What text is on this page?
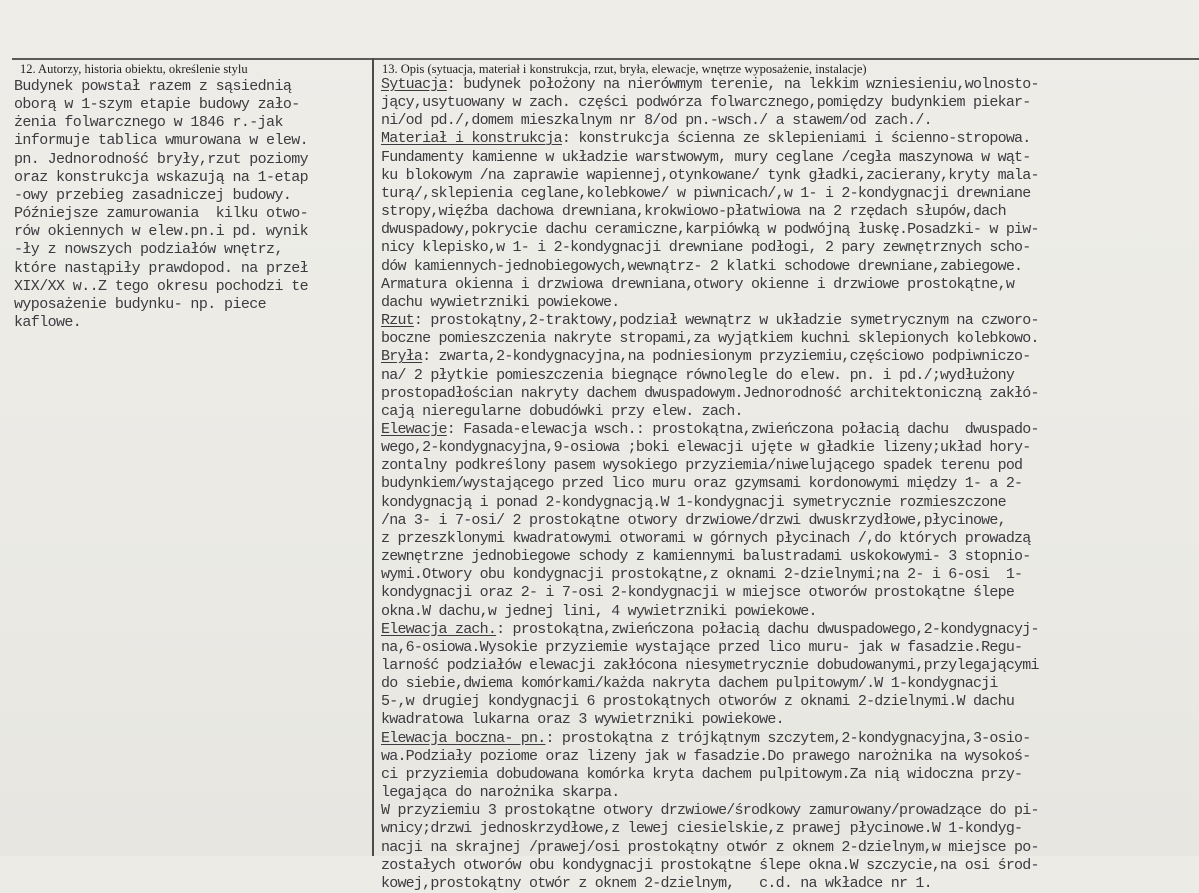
12. Autorzy, historia obiektu, określenie stylu	13. Opis (sytuacja, materiał i konstrukcja, rzut, bryła, elewacje, wnętrze wyposażenie, instalacje)
Budynek powstał razem z sąsiednią
oborą w 1-szym etapie budowy zało-
żenia folwarcznego w 1846 r.-jak
informuje tablica wmurowana w elew.
pn. Jednorodność bryły,rzut poziomy
oraz konstrukcja wskazują na 1-etap
-owy przebieg zasadniczej budowy.
Późniejsze zamurowania  kilku otwo-
rów okiennych w elew.pn.i pd. wynik
-ły z nowszych podziałów wnętrz,
które nastąpiły prawdopod. na przeł
XIX/XX w..Z tego okresu pochodzi te
wyposażenie budynku- np. piece
kaflowe.
Sytuacja: budynek położony na nierówmym terenie, na lekkim wzniesieniu,wolnosto-
jący,usytuowany w zach. części podwórza folwarcznego,pomiędzy budynkiem piekar-
ni/od pd./,domem mieszkalnym nr 8/od pn.-wsch./ a stawem/od zach./.
Materiał i konstrukcja: konstrukcja ścienna ze sklepieniami i ścienno-stropowa.
Fundamenty kamienne w układzie warstwowym, mury ceglane /cegła maszynowa w wąt-
ku blokowym /na zaprawie wapiennej,otynkowane/ tynk gładki,zacierany,kryty mala-
turą/,sklepienia ceglane,kolebkowe/ w piwnicach/,w 1- i 2-kondygnacji drewniane
stropy,więźba dachowa drewniana,krokwiowo-płatwiowa na 2 rzędach słupów,dach
dwuspadowy,pokrycie dachu ceramiczne,karpiówką w podwójną łuskę.Posadzki- w piw-
nicy klepisko,w 1- i 2-kondygnacji drewniane podłogi, 2 pary zewnętrznych scho-
dów kamiennych-jednobiegowych,wewnątrz- 2 klatki schodowe drewniane,zabiegowe.
Armatura okienna i drzwiowa drewniana,otwory okienne i drzwiowe prostokątne,w
dachu wywietrzniki powiekowe.
Rzut: prostokątny,2-traktowy,podział wewnątrz w układzie symetrycznym na czworo-
boczne pomieszczenia nakryte stropami,za wyjątkiem kuchni sklepionych kolebkowo.
Bryła: zwarta,2-kondygnacyjna,na podniesionym przyziemiu,częściowo podpiwniczo-
na/ 2 płytkie pomieszczenia biegnące równolegle do elew. pn. i pd./;wydłużony
prostopadłościan nakryty dachem dwuspadowym.Jednorodność architektoniczną zakłó-
cają nieregularne dobudówki przy elew. zach.
Elewacje: Fasada-elewacja wsch.: prostokątna,zwieńczona połacią dachu  dwuspado-
wego,2-kondygnacyjna,9-osiowa ;boki elewacji ujęte w gładkie lizeny;układ hory-
zontalny podkreślony pasem wysokiego przyziemia/niwelującego spadek terenu pod
budynkiem/wystającego przed lico muru oraz gzymsami kordonowymi między 1- a 2-
kondygnacją i ponad 2-kondygnacją.W 1-kondygnacji symetrycznie rozmieszczone
/na 3- i 7-osi/ 2 prostokątne otwory drzwiowe/drzwi dwuskrzydłowe,płycinowe,
z przeszklonymi kwadratowymi otworami w górnych płycinach /,do których prowadzą
zewnętrzne jednobiegowe schody z kamiennymi balustradami uskokowymi- 3 stopnio-
wymi.Otwory obu kondygnacji prostokątne,z oknami 2-dzielnymi;na 2- i 6-osi  1-
kondygnacji oraz 2- i 7-osi 2-kondygnacji w miejsce otworów prostokątne ślepe
okna.W dachu,w jednej lini, 4 wywietrzniki powiekowe.
Elewacja zach.: prostokątna,zwieńczona połacią dachu dwuspadowego,2-kondygnacyj-
na,6-osiowa.Wysokie przyziemie wystające przed lico muru- jak w fasadzie.Regu-
larność podziałów elewacji zakłócona niesymetrycznie dobudowanymi,przylegającymi
do siebie,dwiema komórkami/każda nakryta dachem pulpitowym/.W 1-kondygnacji
5-,w drugiej kondygnacji 6 prostokątnych otworów z oknami 2-dzielnymi.W dachu
kwadratowa lukarna oraz 3 wywietrzniki powiekowe.
Elewacja boczna- pn.: prostokątna z trójkątnym szczytem,2-kondygnacyjna,3-osio-
wa.Podziały poziome oraz lizeny jak w fasadzie.Do prawego narożnika na wysokoś-
ci przyziemia dobudowana komórka kryta dachem pulpitowym.Za nią widoczna przy-
legająca do narożnika skarpa.
W przyziemiu 3 prostokątne otwory drzwiowe/środkowy zamurowany/prowadzące do pi-
wnicy;drzwi jednoskrzydłowe,z lewej ciesielskie,z prawej płycinowe.W 1-kondyg-
nacji na skrajnej /prawej/osi prostokątny otwór z oknem 2-dzielnym,w miejsce po-
zostałych otworów obu kondygnacji prostokątne ślepe okna.W szczycie,na osi środ-
kowej,prostokątny otwór z oknem 2-dzielnym,   c.d. na wkładce nr 1.
